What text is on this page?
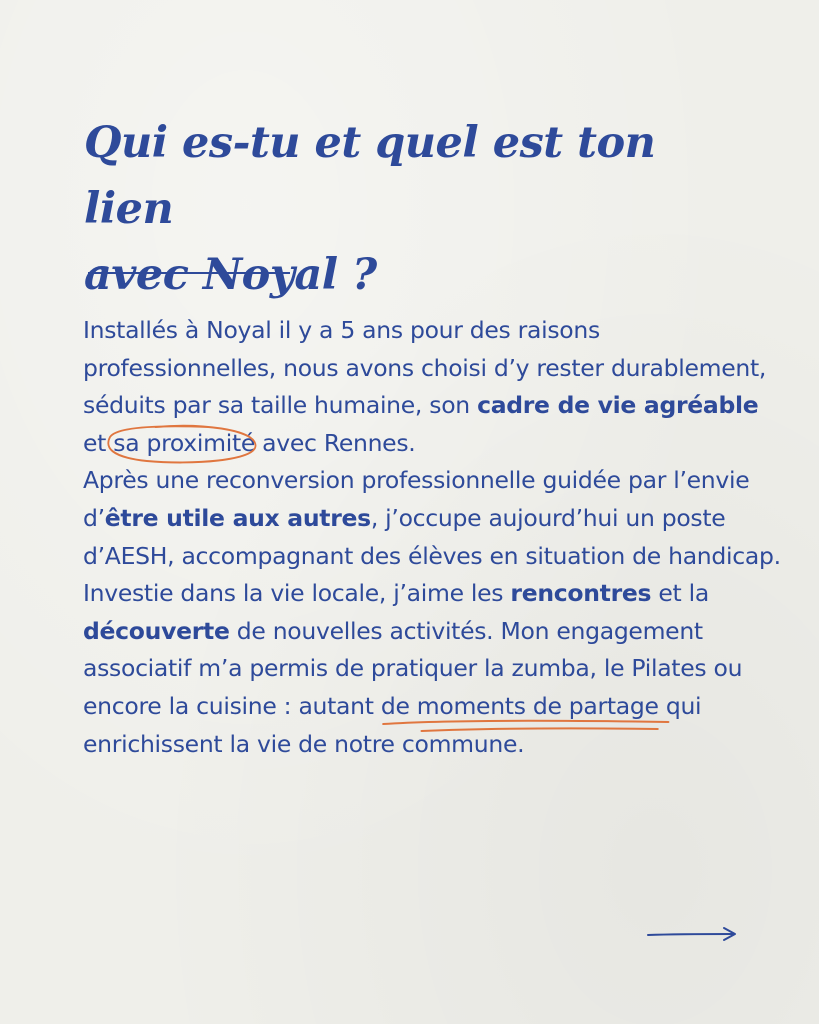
Qui es-tu et quel est ton lien
avec Noyal ?

Installés à Noyal il y a 5 ans pour des raisons professionnelles, nous avons choisi d’y rester durablement, séduits par sa taille humaine, son cadre de vie agréable et sa proximité
avec Rennes.

Après une reconversion professionnelle guidée par l’envie d’être utile aux autres, j’occupe aujourd’hui un poste d’AESH, accompagnant des élèves en situation de handicap.

Investie dans la vie locale, j’aime les rencontres et la découverte de nouvelles activités. Mon engagement associatif m’a permis de pratiquer la zumba, le Pilates ou encore la cuisine : autant de moments de partage
qui enrichissent la vie de notre commune.
